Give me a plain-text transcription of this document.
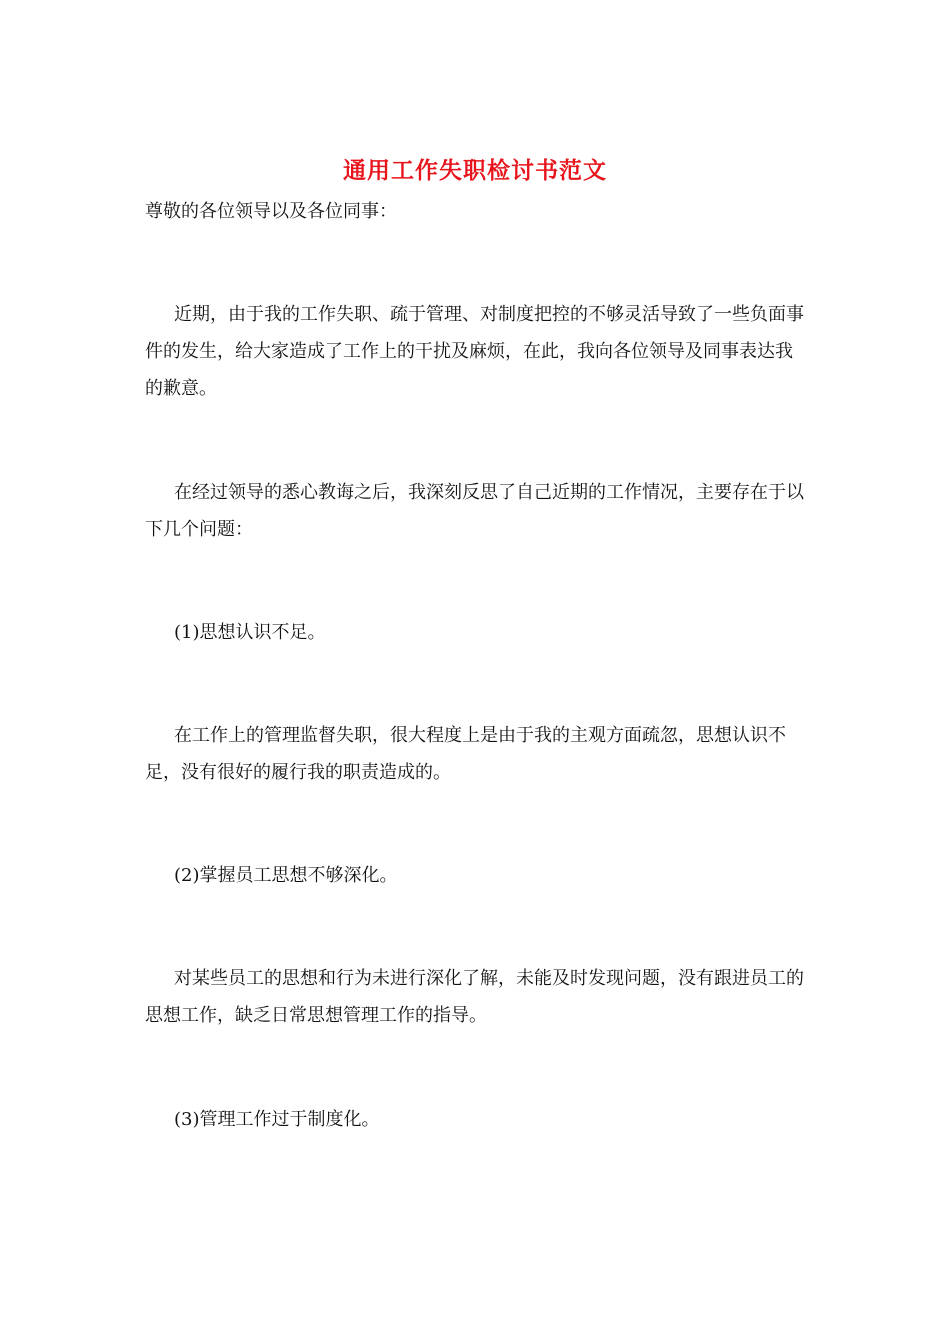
通用工作失职检讨书范文

尊敬的各位领导以及各位同事：

近期，由于我的工作失职、疏于管理、对制度把控的不够灵活导致了一些负面事件的发生，给大家造成了工作上的干扰及麻烦，在此，我向各位领导及同事表达我的歉意。

在经过领导的悉心教诲之后，我深刻反思了自己近期的工作情况，主要存在于以下几个问题：

(1)思想认识不足。

在工作上的管理监督失职，很大程度上是由于我的主观方面疏忽，思想认识不足，没有很好的履行我的职责造成的。

(2)掌握员工思想不够深化。

对某些员工的思想和行为未进行深化了解，未能及时发现问题，没有跟进员工的思想工作，缺乏日常思想管理工作的指导。

(3)管理工作过于制度化。
